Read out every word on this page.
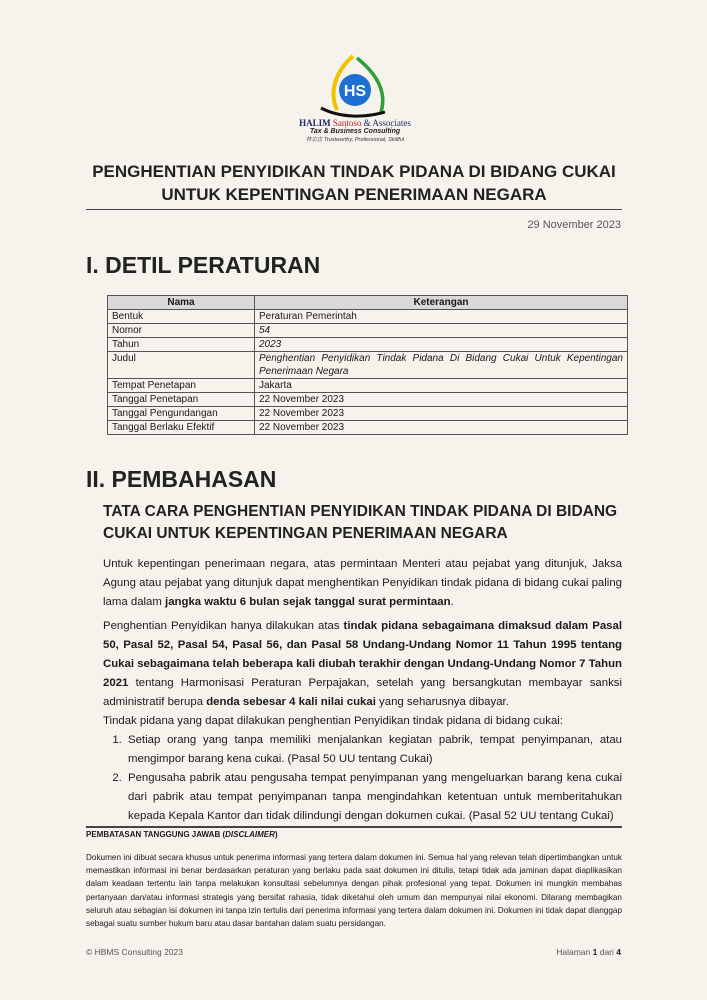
HS
HALIM Santoso & Associates
Tax & Business Consulting
林志忠 Trustworthy, Professional, Skillful
PENGHENTIAN PENYIDIKAN TINDAK PIDANA DI BIDANG CUKAI UNTUK KEPENTINGAN PENERIMAAN NEGARA
29 November 2023
I. DETIL PERATURAN
Nama	Keterangan
Bentuk	Peraturan Pemerintah
Nomor	54
Tahun	2023
Judul	Penghentian Penyidikan Tindak Pidana Di Bidang Cukai Untuk Kepentingan Penerimaan Negara
Tempat Penetapan	Jakarta
Tanggal Penetapan	22 November 2023
Tanggal Pengundangan	22 November 2023
Tanggal Berlaku Efektif	22 November 2023
II. PEMBAHASAN
TATA CARA PENGHENTIAN PENYIDIKAN TINDAK PIDANA DI BIDANG CUKAI UNTUK KEPENTINGAN PENERIMAAN NEGARA
Untuk kepentingan penerimaan negara, atas permintaan Menteri atau pejabat yang ditunjuk, Jaksa Agung atau pejabat yang ditunjuk dapat menghentikan Penyidikan tindak pidana di bidang cukai paling lama dalam jangka waktu 6 bulan sejak tanggal surat permintaan.
Penghentian Penyidikan hanya dilakukan atas tindak pidana sebagaimana dimaksud dalam Pasal 50, Pasal 52, Pasal 54, Pasal 56, dan Pasal 58 Undang-Undang Nomor 11 Tahun 1995 tentang Cukai sebagaimana telah beberapa kali diubah terakhir dengan Undang-Undang Nomor 7 Tahun 2021 tentang Harmonisasi Peraturan Perpajakan, setelah yang bersangkutan membayar sanksi administratif berupa denda sebesar 4 kali nilai cukai yang seharusnya dibayar.
Tindak pidana yang dapat dilakukan penghentian Penyidikan tindak pidana di bidang cukai:
1. Setiap orang yang tanpa memiliki menjalankan kegiatan pabrik, tempat penyimpanan, atau mengimpor barang kena cukai. (Pasal 50 UU tentang Cukai)
2. Pengusaha pabrik atau pengusaha tempat penyimpanan yang mengeluarkan barang kena cukai dari pabrik atau tempat penyimpanan tanpa mengindahkan ketentuan untuk memberitahukan kepada Kepala Kantor dan tidak dilindungi dengan dokumen cukai. (Pasal 52 UU tentang Cukai)
PEMBATASAN TANGGUNG JAWAB (DISCLAIMER)
Dokumen ini dibuat secara khusus untuk penerima informasi yang tertera dalam dokumen ini. Semua hal yang relevan telah dipertimbangkan untuk memastikan informasi ini benar berdasarkan peraturan yang berlaku pada saat dokumen ini ditulis, tetapi tidak ada jaminan dapat diaplikasikan dalam keadaan tertentu lain tanpa melakukan konsultasi sebelumnya dengan pihak profesional yang tepat. Dokumen ini mungkin membahas pertanyaan dan/atau informasi strategis yang bersifat rahasia, tidak diketahui oleh umum dan mempunyai nilai ekonomi. Dilarang membagikan seluruh atau sebagian isi dokumen ini tanpa izin tertulis dari penerima informasi yang tertera dalam dokumen ini. Dokumen ini tidak dapat dianggap sebagai suatu sumber hukum baru atau dasar bantahan dalam suatu persidangan.
© HBMS Consulting 2023	Halaman 1 dari 4
